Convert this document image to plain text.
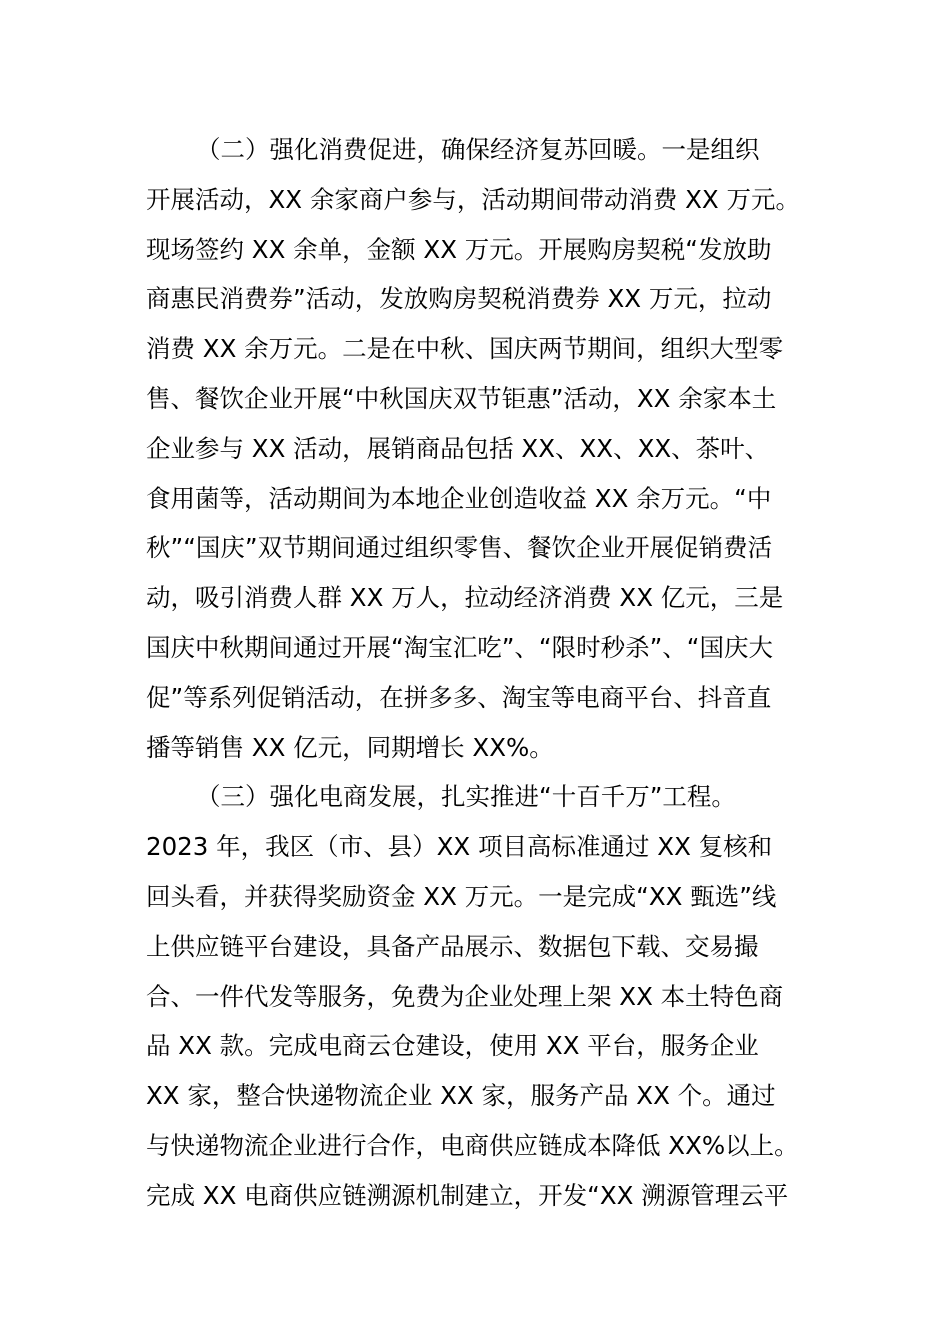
（二）强化消费促进，确保经济复苏回暖。一是组织
开展活动，XX 余家商户参与，活动期间带动消费 XX 万元。
现场签约 XX 余单，金额 XX 万元。开展购房契税“发放助
商惠民消费券”活动，发放购房契税消费券 XX 万元，拉动
消费 XX 余万元。二是在中秋、国庆两节期间，组织大型零
售、餐饮企业开展“中秋国庆双节钜惠”活动，XX 余家本土
企业参与 XX 活动，展销商品包括 XX、XX、XX、茶叶、
食用菌等，活动期间为本地企业创造收益 XX 余万元。“中
秋”“国庆”双节期间通过组织零售、餐饮企业开展促销费活
动，吸引消费人群 XX 万人，拉动经济消费 XX 亿元，三是
国庆中秋期间通过开展“淘宝汇吃”、“限时秒杀”、“国庆大
促”等系列促销活动，在拼多多、淘宝等电商平台、抖音直
播等销售 XX 亿元，同期增长 XX%。
（三）强化电商发展，扎实推进“十百千万”工程。
2023 年，我区（市、县）XX 项目高标准通过 XX 复核和
回头看，并获得奖励资金 XX 万元。一是完成“XX 甄选”线
上供应链平台建设，具备产品展示、数据包下载、交易撮
合、一件代发等服务，免费为企业处理上架 XX 本土特色商
品 XX 款。完成电商云仓建设，使用 XX 平台，服务企业
XX 家，整合快递物流企业 XX 家，服务产品 XX 个。通过
与快递物流企业进行合作，电商供应链成本降低 XX%以上。
完成 XX 电商供应链溯源机制建立，开发“XX 溯源管理云平
